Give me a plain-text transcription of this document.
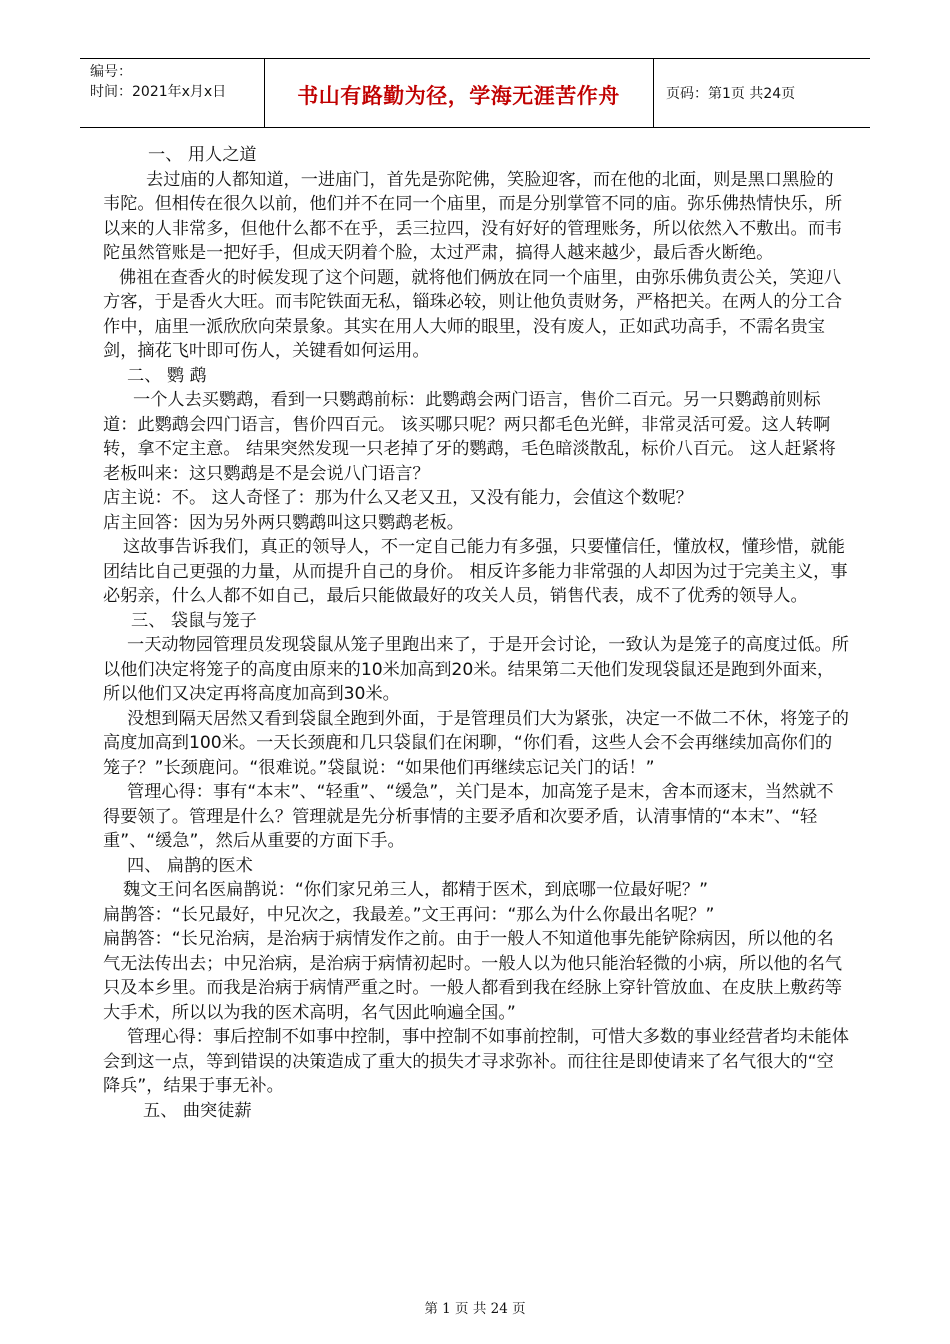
编号：
时间：2021年x月x日	书山有路勤为径，学海无涯苦作舟	页码：第1页 共24页

一、 用人之道

去过庙的人都知道，一进庙门，首先是弥陀佛，笑脸迎客，而在他的北面，则是黑口黑脸的韦陀。但相传在很久以前，他们并不在同一个庙里，而是分别掌管不同的庙。弥乐佛热情快乐，所以来的人非常多，但他什么都不在乎，丢三拉四，没有好好的管理账务，所以依然入不敷出。而韦陀虽然管账是一把好手，但成天阴着个脸，太过严肃，搞得人越来越少，最后香火断绝。

佛祖在查香火的时候发现了这个问题，就将他们俩放在同一个庙里，由弥乐佛负责公关，笑迎八方客，于是香火大旺。而韦陀铁面无私，锱珠必较，则让他负责财务，严格把关。在两人的分工合作中，庙里一派欣欣向荣景象。其实在用人大师的眼里，没有废人，正如武功高手，不需名贵宝剑，摘花飞叶即可伤人，关键看如何运用。

二、 鹦 鹉

一个人去买鹦鹉，看到一只鹦鹉前标：此鹦鹉会两门语言，售价二百元。另一只鹦鹉前则标道：此鹦鹉会四门语言，售价四百元。 该买哪只呢？两只都毛色光鲜，非常灵活可爱。这人转啊转，拿不定主意。 结果突然发现一只老掉了牙的鹦鹉，毛色暗淡散乱，标价八百元。 这人赶紧将老板叫来：这只鹦鹉是不是会说八门语言？

店主说：不。 这人奇怪了：那为什么又老又丑，又没有能力，会值这个数呢？

店主回答：因为另外两只鹦鹉叫这只鹦鹉老板。

这故事告诉我们，真正的领导人，不一定自己能力有多强，只要懂信任，懂放权，懂珍惜，就能团结比自己更强的力量，从而提升自己的身价。 相反许多能力非常强的人却因为过于完美主义，事必躬亲，什么人都不如自己，最后只能做最好的攻关人员，销售代表，成不了优秀的领导人。

三、 袋鼠与笼子

一天动物园管理员发现袋鼠从笼子里跑出来了，于是开会讨论，一致认为是笼子的高度过低。所以他们决定将笼子的高度由原来的10米加高到20米。结果第二天他们发现袋鼠还是跑到外面来，所以他们又决定再将高度加高到30米。

没想到隔天居然又看到袋鼠全跑到外面，于是管理员们大为紧张，决定一不做二不休，将笼子的高度加高到100米。一天长颈鹿和几只袋鼠们在闲聊，“你们看，这些人会不会再继续加高你们的笼子？”长颈鹿问。“很难说。”袋鼠说：“如果他们再继续忘记关门的话！”

管理心得：事有“本末”、“轻重”、“缓急”，关门是本，加高笼子是末，舍本而逐末，当然就不得要领了。管理是什么？管理就是先分析事情的主要矛盾和次要矛盾，认清事情的“本末”、“轻重”、“缓急”，然后从重要的方面下手。

四、 扁鹊的医术

魏文王问名医扁鹊说：“你们家兄弟三人，都精于医术，到底哪一位最好呢？”

扁鹊答：“长兄最好，中兄次之，我最差。”文王再问：“那么为什么你最出名呢？”

扁鹊答：“长兄治病，是治病于病情发作之前。由于一般人不知道他事先能铲除病因，所以他的名气无法传出去；中兄治病，是治病于病情初起时。一般人以为他只能治轻微的小病，所以他的名气只及本乡里。而我是治病于病情严重之时。一般人都看到我在经脉上穿针管放血、在皮肤上敷药等大手术，所以以为我的医术高明，名气因此响遍全国。”

管理心得：事后控制不如事中控制，事中控制不如事前控制，可惜大多数的事业经营者均未能体会到这一点，等到错误的决策造成了重大的损失才寻求弥补。而往往是即使请来了名气很大的“空降兵”，结果于事无补。

五、 曲突徒薪

第 1 页 共 24 页
